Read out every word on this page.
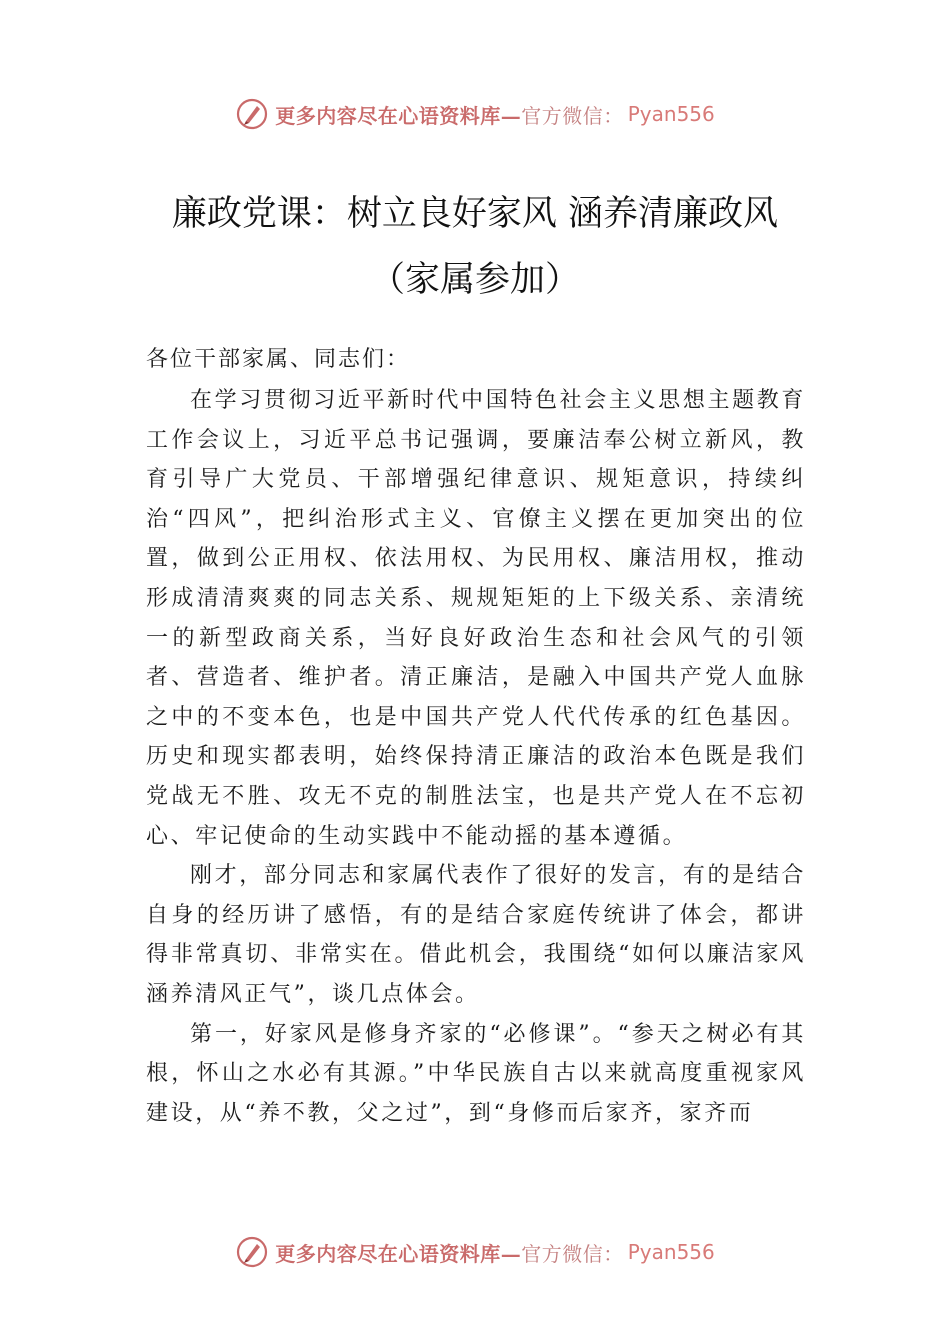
更多内容尽在心语资料库—官方微信： Pyan556
廉政党课：树立良好家风 涵养清廉政风
（家属参加）
各位干部家属、同志们：

在学习贯彻习近平新时代中国特色社会主义思想主题教育工作会议上，习近平总书记强调，要廉洁奉公树立新风，教育引导广大党员、干部增强纪律意识、规矩意识，持续纠治“四风”，把纠治形式主义、官僚主义摆在更加突出的位置，做到公正用权、依法用权、为民用权、廉洁用权，推动形成清清爽爽的同志关系、规规矩矩的上下级关系、亲清统一的新型政商关系，当好良好政治生态和社会风气的引领者、营造者、维护者。清正廉洁，是融入中国共产党人血脉之中的不变本色，也是中国共产党人代代传承的红色基因。历史和现实都表明，始终保持清正廉洁的政治本色既是我们党战无不胜、攻无不克的制胜法宝，也是共产党人在不忘初心、牢记使命的生动实践中不能动摇的基本遵循。

刚才，部分同志和家属代表作了很好的发言，有的是结合自身的经历讲了感悟，有的是结合家庭传统讲了体会，都讲得非常真切、非常实在。借此机会，我围绕“如何以廉洁家风涵养清风正气”，谈几点体会。

第一，好家风是修身齐家的“必修课”。“参天之树必有其根，怀山之水必有其源。”中华民族自古以来就高度重视家风建设，从“养不教，父之过”，到“身修而后家齐，家齐而

更多内容尽在心语资料库—官方微信： Pyan556
